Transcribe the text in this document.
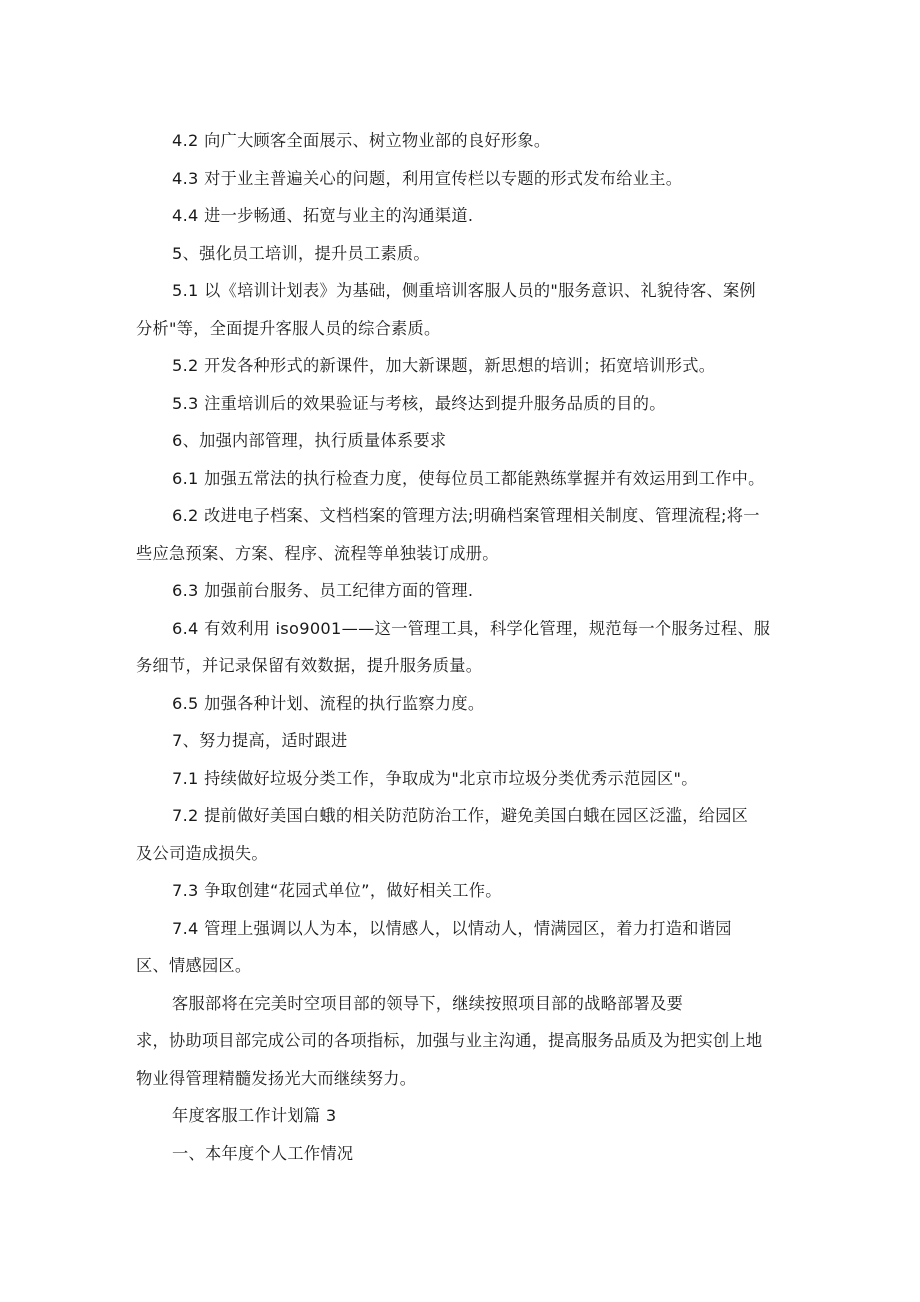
4.2 向广大顾客全面展示、树立物业部的良好形象。
4.3 对于业主普遍关心的问题，利用宣传栏以专题的形式发布给业主。
4.4 进一步畅通、拓宽与业主的沟通渠道.
5、强化员工培训，提升员工素质。
5.1 以《培训计划表》为基础，侧重培训客服人员的"服务意识、礼貌待客、案例
分析"等，全面提升客服人员的综合素质。
5.2 开发各种形式的新课件，加大新课题，新思想的培训；拓宽培训形式。
5.3 注重培训后的效果验证与考核，最终达到提升服务品质的目的。
6、加强内部管理，执行质量体系要求
6.1 加强五常法的执行检查力度，使每位员工都能熟练掌握并有效运用到工作中。
6.2 改进电子档案、文档档案的管理方法;明确档案管理相关制度、管理流程;将一
些应急预案、方案、程序、流程等单独装订成册。
6.3 加强前台服务、员工纪律方面的管理.
6.4 有效利用 iso9001——这一管理工具，科学化管理，规范每一个服务过程、服
务细节，并记录保留有效数据，提升服务质量。
6.5 加强各种计划、流程的执行监察力度。
7、努力提高，适时跟进
7.1 持续做好垃圾分类工作，争取成为"北京市垃圾分类优秀示范园区"。
7.2 提前做好美国白蛾的相关防范防治工作，避免美国白蛾在园区泛滥，给园区
及公司造成损失。
7.3 争取创建“花园式单位”，做好相关工作。
7.4 管理上强调以人为本，以情感人，以情动人，情满园区，着力打造和谐园
区、情感园区。
客服部将在完美时空项目部的领导下，继续按照项目部的战略部署及要
求，协助项目部完成公司的各项指标，加强与业主沟通，提高服务品质及为把实创上地
物业得管理精髓发扬光大而继续努力。
年度客服工作计划篇 3
一、本年度个人工作情况
